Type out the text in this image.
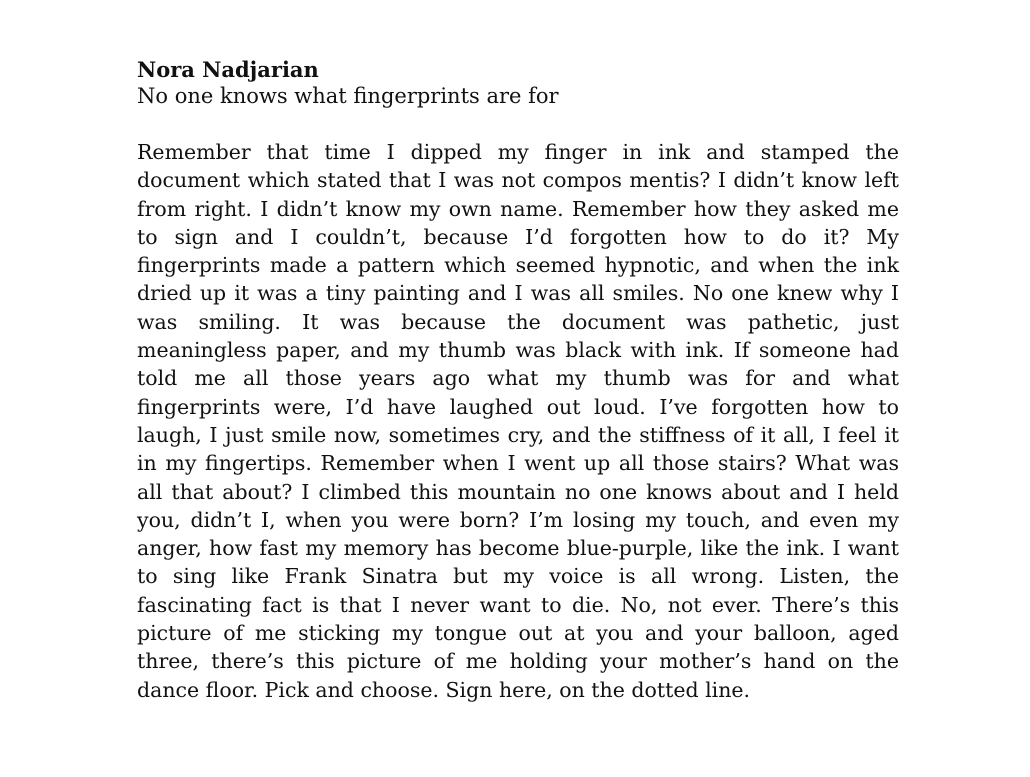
Nora Nadjarian

No one knows what fingerprints are for

Remember that time I dipped my finger in ink and stamped the document which stated that I was not compos mentis? I didn’t know left from right. I didn’t know my own name. Remember how they asked me to sign and I couldn’t, because I’d forgotten how to do it? My fingerprints made a pattern which seemed hypnotic, and when the ink dried up it was a tiny painting and I was all smiles. No one knew why I was smiling. It was because the document was pathetic, just meaningless paper, and my thumb was black with ink. If someone had told me all those years ago what my thumb was for and what fingerprints were, I’d have laughed out loud. I’ve forgotten how to laugh, I just smile now, sometimes cry, and the stiffness of it all, I feel it in my fingertips. Remember when I went up all those stairs? What was all that about? I climbed this mountain no one knows about and I held you, didn’t I, when you were born? I’m losing my touch, and even my anger, how fast my memory has become blue-purple, like the ink. I want to sing like Frank Sinatra but my voice is all wrong. Listen, the fascinating fact is that I never want to die. No, not ever. There’s this picture of me sticking my tongue out at you and your balloon, aged three, there’s this picture of me holding your mother’s hand on the dance floor. Pick and choose. Sign here, on the dotted line.
